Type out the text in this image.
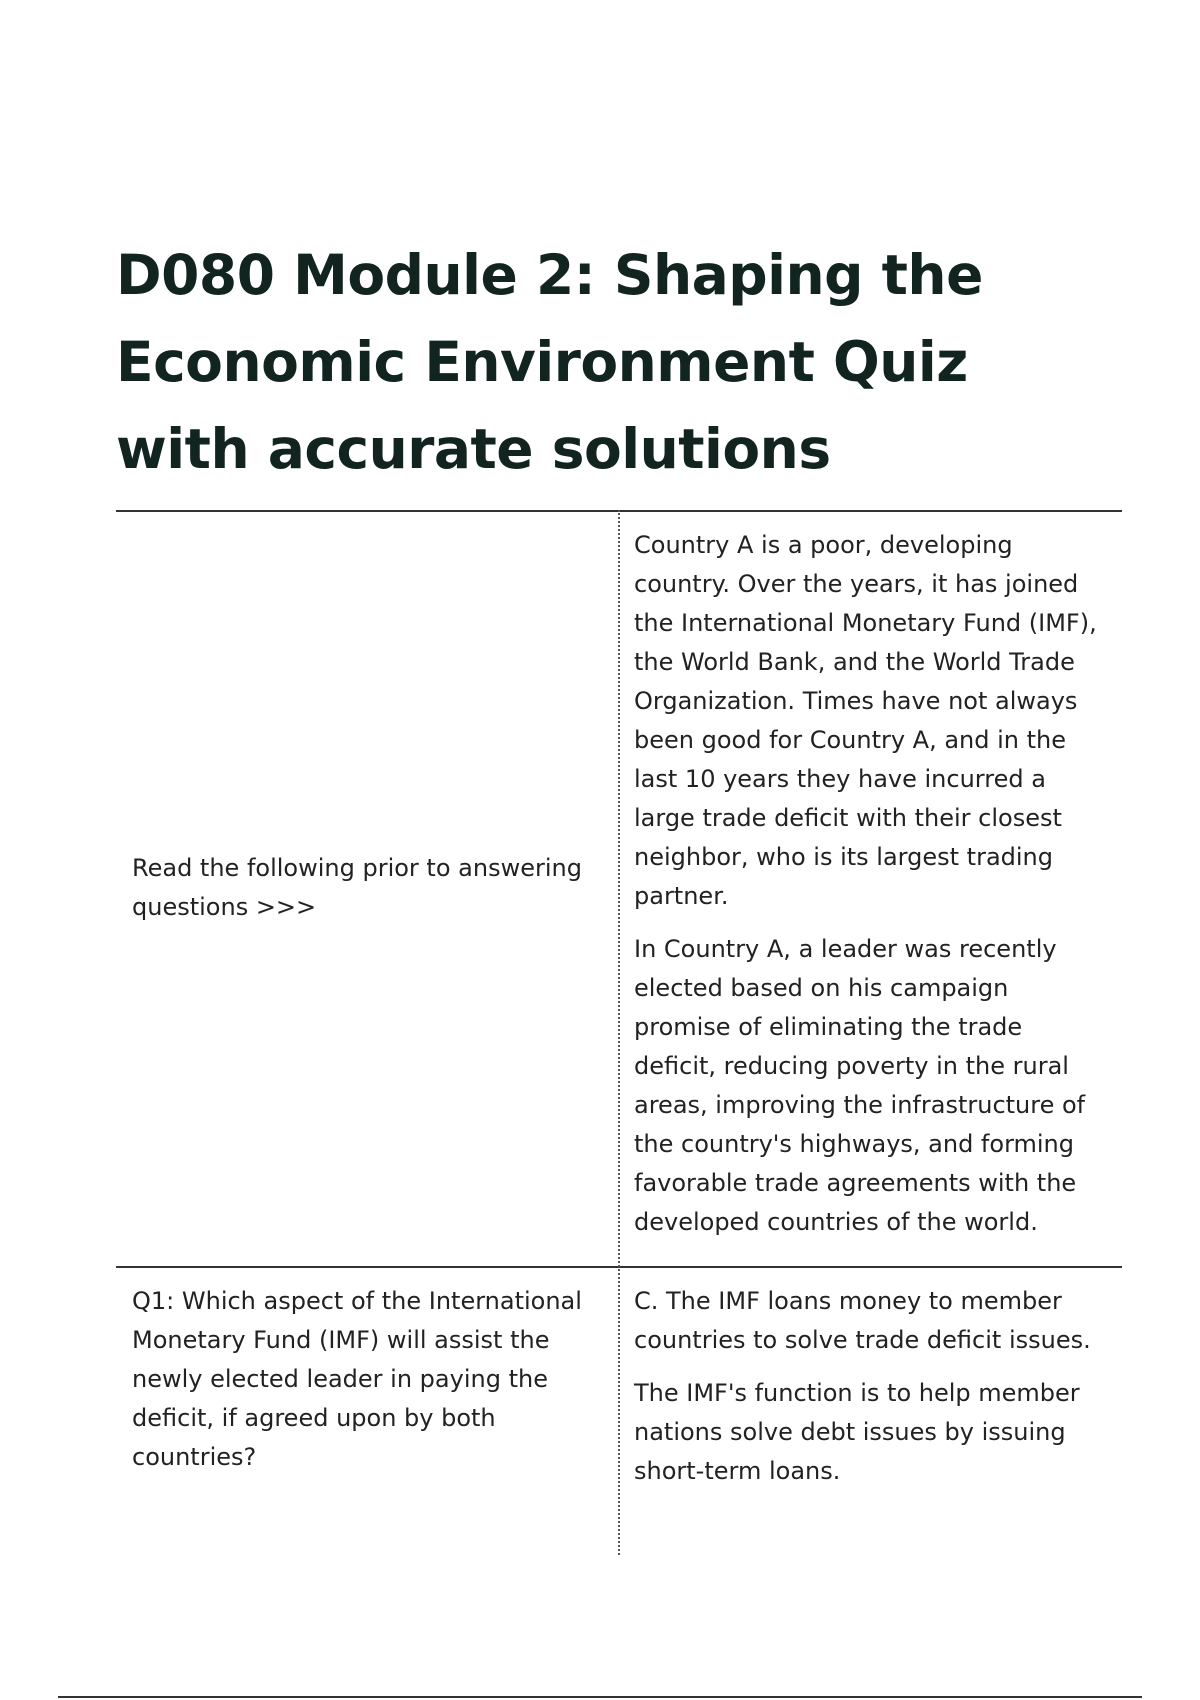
D080 Module 2: Shaping the Economic Environment Quiz with accurate solutions

Read the following prior to answering questions >>>

Country A is a poor, developing country. Over the years, it has joined the International Monetary Fund (IMF), the World Bank, and the World Trade Organization. Times have not always been good for Country A, and in the last 10 years they have incurred a large trade deficit with their closest neighbor, who is its largest trading partner.

In Country A, a leader was recently elected based on his campaign promise of eliminating the trade deficit, reducing poverty in the rural areas, improving the infrastructure of the country's highways, and forming favorable trade agreements with the developed countries of the world.

Q1: Which aspect of the International Monetary Fund (IMF) will assist the newly elected leader in paying the deficit, if agreed upon by both countries?

C. The IMF loans money to member countries to solve trade deficit issues.

The IMF's function is to help member nations solve debt issues by issuing short-term loans.
